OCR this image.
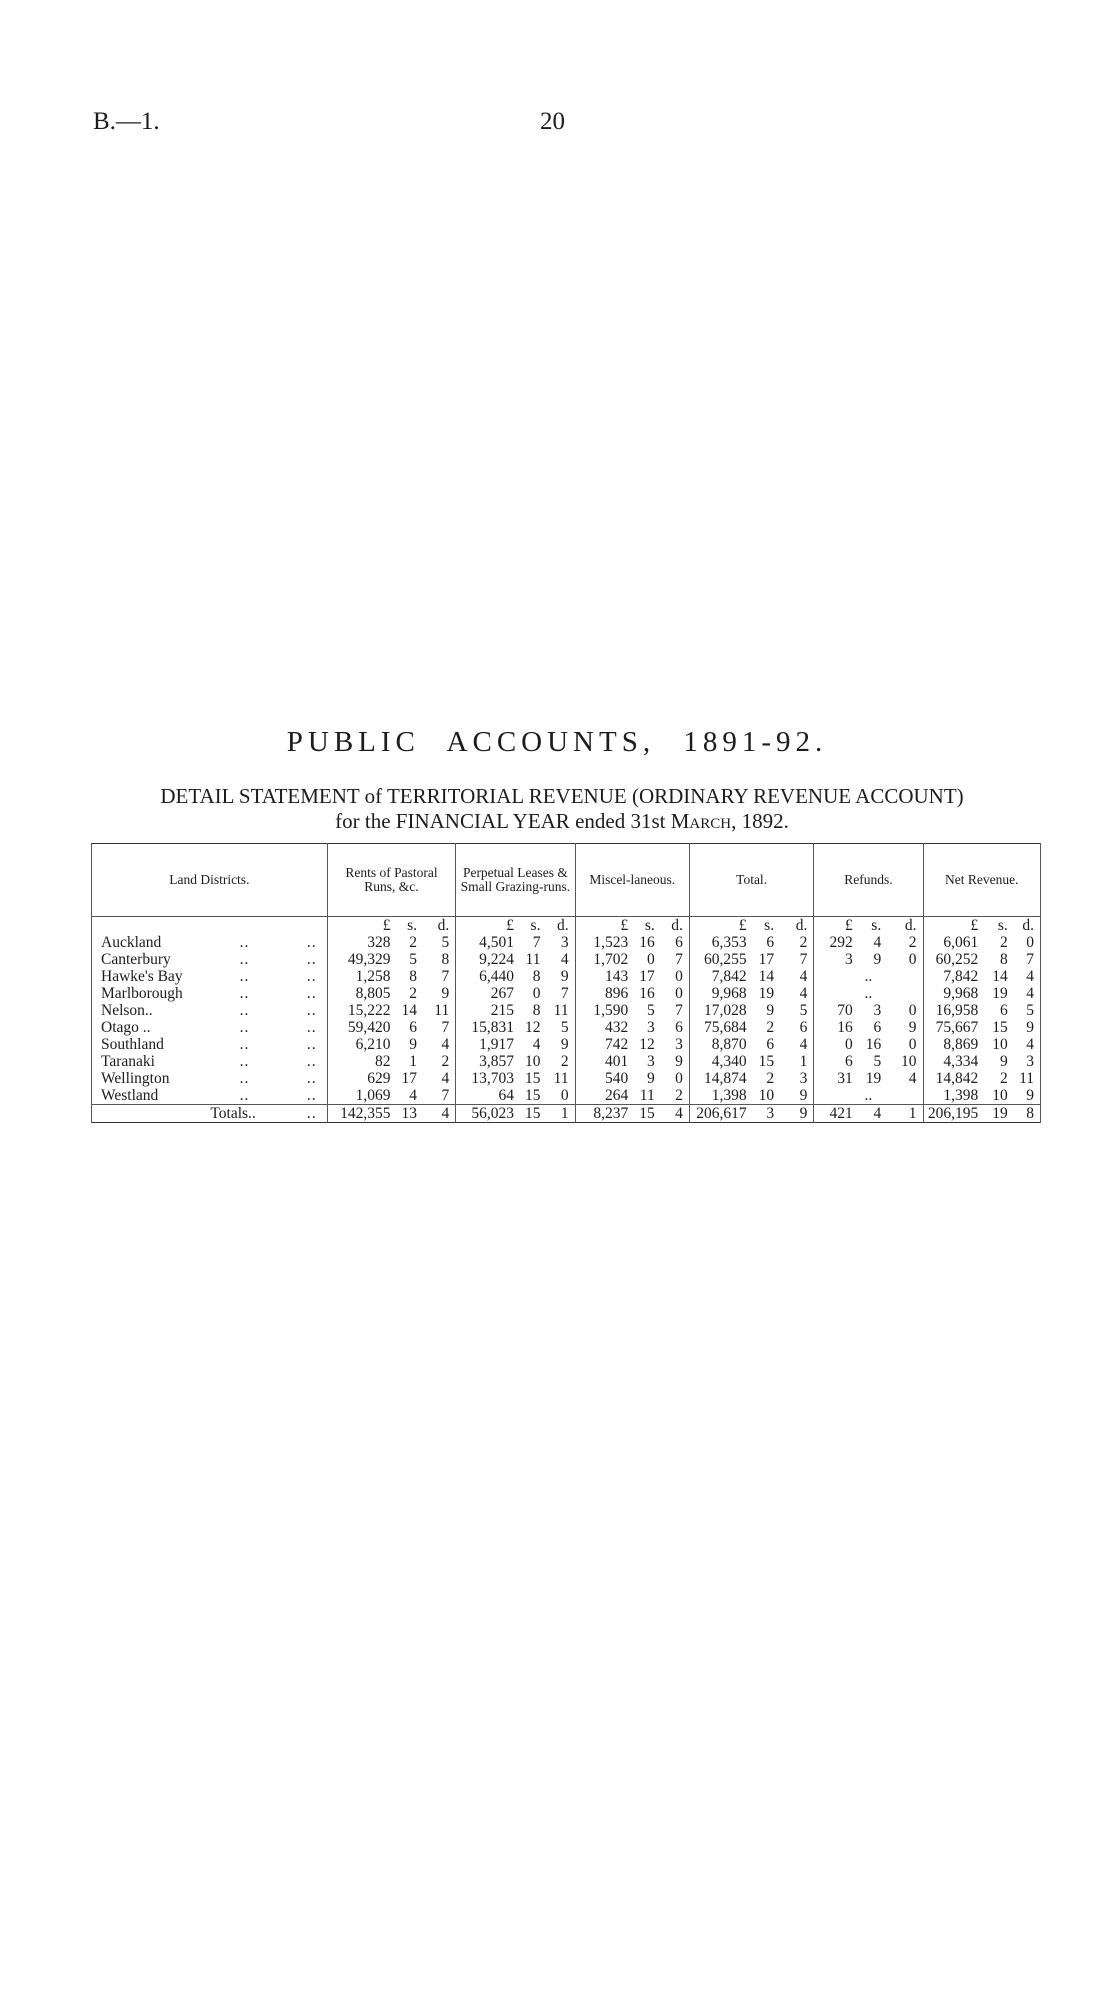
B.—1.	20
PUBLIC ACCOUNTS, 1891-92.
DETAIL STATEMENT of TERRITORIAL REVENUE (ORDINARY REVENUE ACCOUNT)
for the FINANCIAL YEAR ended 31st MARCH, 1892.
Land Districts.			Rents of Pastoral Runs, &c.			Perpetual Leases & Small Grazing-runs.			Miscel-laneous.			Total.			Refunds.			Net Revenue.		
			£	s.	d.	£	s.	d.	£	s.	d.	£	s.	d.	£	s.	d.	£	s.	d.
Auckland	..	..	328	2	5	4,501	7	3	1,523	16	6	6,353	6	2	292	4	2	6,061	2	0
Canterbury	..	..	49,329	5	8	9,224	11	4	1,702	0	7	60,255	17	7	3	9	0	60,252	8	7
Hawke's Bay	..	..	1,258	8	7	6,440	8	9	143	17	0	7,842	14	4	..			7,842	14	4
Marlborough	..	..	8,805	2	9	267	0	7	896	16	0	9,968	19	4	..			9,968	19	4
Nelson..	..	..	15,222	14	11	215	8	11	1,590	5	7	17,028	9	5	70	3	0	16,958	6	5
Otago ..	..	..	59,420	6	7	15,831	12	5	432	3	6	75,684	2	6	16	6	9	75,667	15	9
Southland	..	..	6,210	9	4	1,917	4	9	742	12	3	8,870	6	4	0	16	0	8,869	10	4
Taranaki	..	..	82	1	2	3,857	10	2	401	3	9	4,340	15	1	6	5	10	4,334	9	3
Wellington	..	..	629	17	4	13,703	15	11	540	9	0	14,874	2	3	31	19	4	14,842	2	11
Westland	..	..	1,069	4	7	64	15	0	264	11	2	1,398	10	9	..			1,398	10	9
Totals..		..	142,355	13	4	56,023	15	1	8,237	15	4	206,617	3	9	421	4	1	206,195	19	8
